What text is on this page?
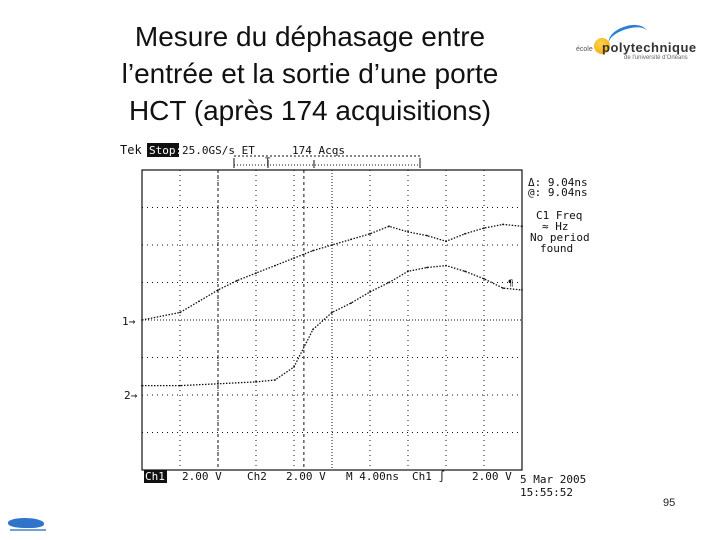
Mesure du déphasage entre
l’entrée et la sortie d’une porte
HCT (après 174 acquisitions)
école polytechnique
de l'université d'Orléans
Tek Stop: 25.0GS/s ET	174 Acqs
T
1→
2→
¶
Δ: 9.04ns
@: 9.04ns
C1 Freq
≈ Hz
No period
found
Ch1 2.00 V Ch2 2.00 V M 4.00ns Ch1 ∫ 2.00 V 5 Mar 2005
15:55:52
95
